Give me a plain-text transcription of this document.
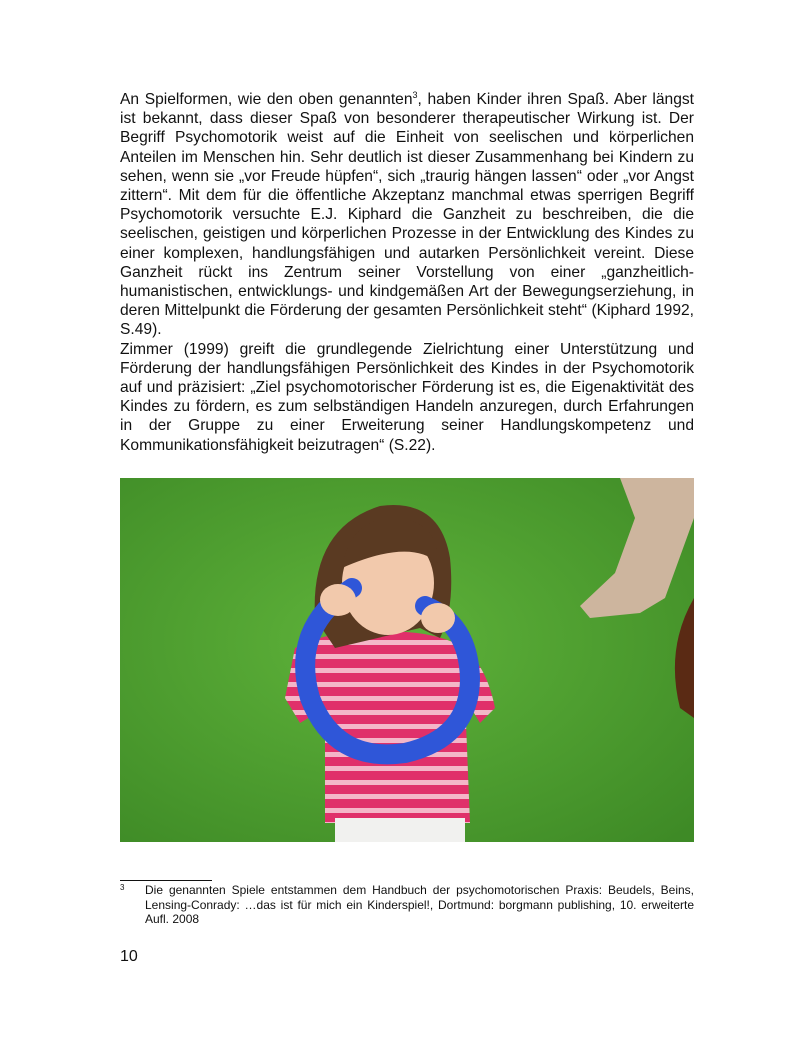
An Spielformen, wie den oben genannten$^3$, haben Kinder ihren Spaß. Aber längst ist bekannt, dass dieser Spaß von besonderer therapeutischer Wirkung ist. Der Begriff Psychomotorik weist auf die Einheit von seelischen und körperlichen Anteilen im Menschen hin. Sehr deutlich ist dieser Zusammenhang bei Kindern zu sehen, wenn sie „vor Freude hüpfen“, sich „traurig hängen lassen“ oder „vor Angst zittern“. Mit dem für die öffentliche Akzeptanz manchmal etwas sperrigen Begriff Psychomotorik versuchte E.J. Kiphard die Ganzheit zu beschreiben, die die seelischen, geistigen und körperlichen Prozesse in der Entwicklung des Kindes zu einer komplexen, handlungsfähigen und autarken Persönlichkeit vereint. Diese Ganzheit rückt ins Zentrum seiner Vorstellung von einer „ganzheitlich-humanistischen, entwicklungs- und kindgemäßen Art der Bewegungserziehung, in deren Mittelpunkt die Förderung der gesamten Persönlichkeit steht“ (Kiphard 1992, S.49).

Zimmer (1999) greift die grundlegende Zielrichtung einer Unterstützung und Förderung der handlungsfähigen Persönlichkeit des Kindes in der Psychomotorik auf und präzisiert: „Ziel psychomotorischer Förderung ist es, die Eigenaktivität des Kindes zu fördern, es zum selbständigen Handeln anzuregen, durch Erfahrungen in der Gruppe zu einer Erweiterung seiner Handlungskompetenz und Kommunikationsfähigkeit beizutragen“ (S.22).

3 Die genannten Spiele entstammen dem Handbuch der psychomotorischen Praxis: Beudels, Beins, Lensing-Conrady: …das ist für mich ein Kinderspiel!, Dortmund: borgmann publishing, 10. erweiterte Aufl. 2008
10
